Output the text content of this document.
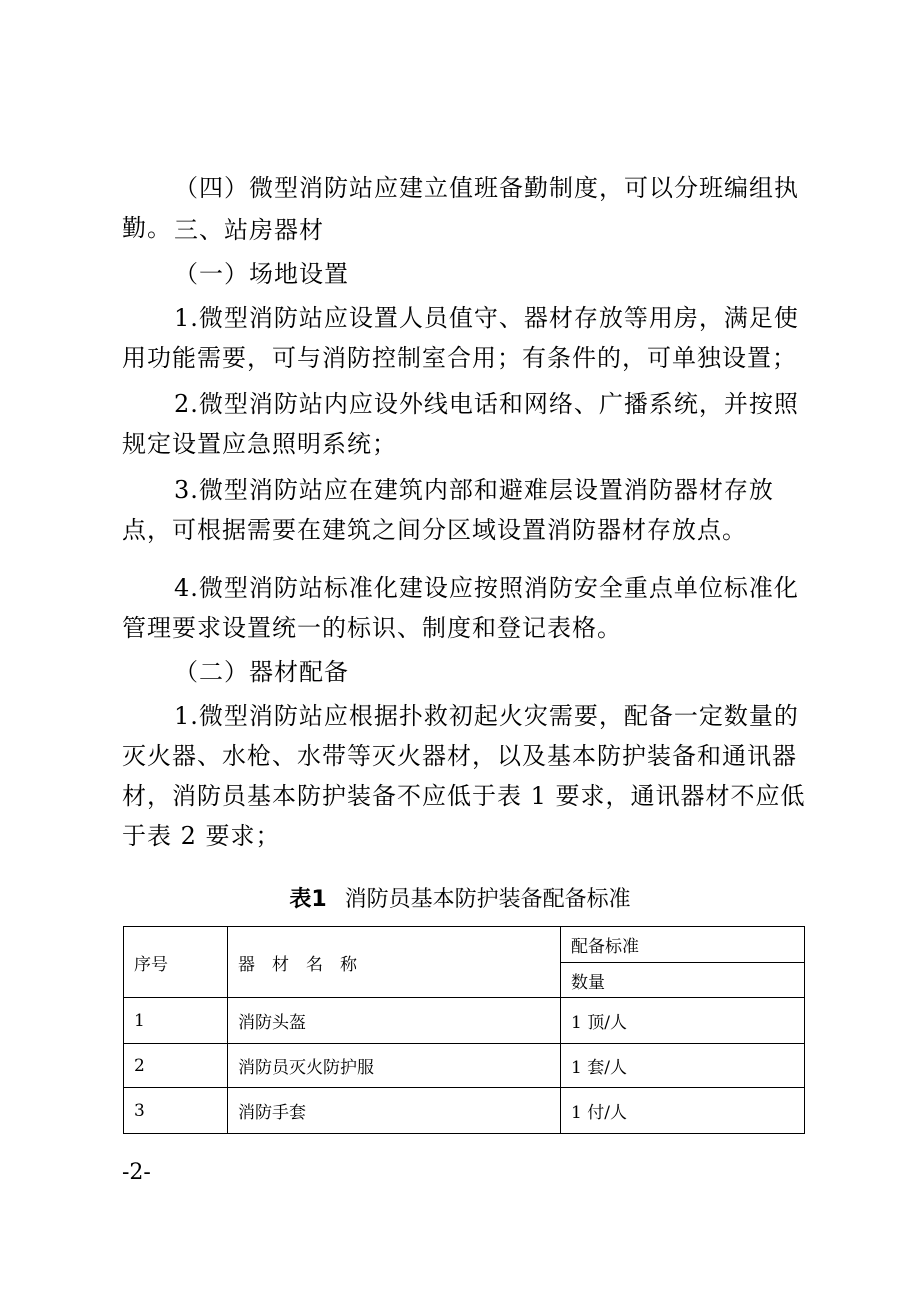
（四）微型消防站应建立值班备勤制度，可以分班编组执勤。 三、站房器材

（一）场地设置

1.微型消防站应设置人员值守、器材存放等用房，满足使用功能需要，可与消防控制室合用；有条件的，可单独设置；

2.微型消防站内应设外线电话和网络、广播系统，并按照规定设置应急照明系统；

3.微型消防站应在建筑内部和避难层设置消防器材存放点，可根据需要在建筑之间分区域设置消防器材存放点。

4.微型消防站标准化建设应按照消防安全重点单位标准化管理要求设置统一的标识、制度和登记表格。

（二）器材配备

1.微型消防站应根据扑救初起火灾需要，配备一定数量的灭火器、水枪、水带等灭火器材，以及基本防护装备和通讯器材，消防员基本防护装备不应低于表 1 要求，通讯器材不应低于表 2 要求；

表1 消防员基本防护装备配备标准
序号	器　材　名　称	配备标准
		数量
1	消防头盔	1 顶/人
2	消防员灭火防护服	1 套/人
3	消防手套	1 付/人
-2-
